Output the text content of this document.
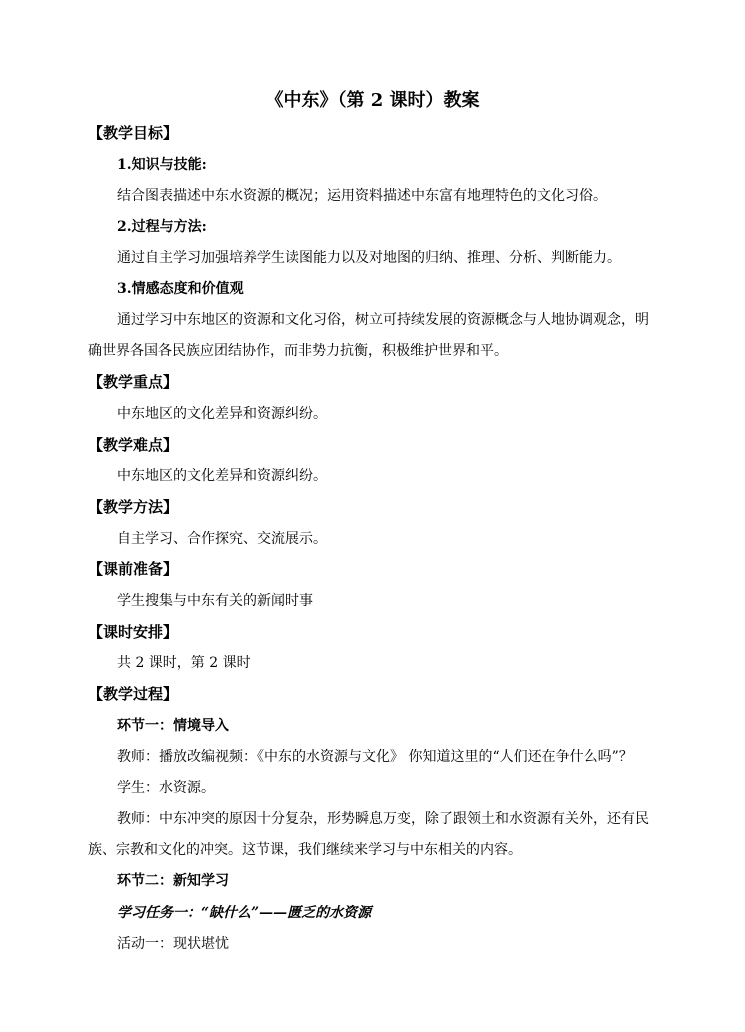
《中东》（第 2 课时）教案
【教学目标】
1.知识与技能:
结合图表描述中东水资源的概况；运用资料描述中东富有地理特色的文化习俗。
2.过程与方法:
通过自主学习加强培养学生读图能力以及对地图的归纳、推理、分析、判断能力。
3.情感态度和价值观
通过学习中东地区的资源和文化习俗，树立可持续发展的资源概念与人地协调观念，明
确世界各国各民族应团结协作，而非势力抗衡，积极维护世界和平。
【教学重点】
中东地区的文化差异和资源纠纷。
【教学难点】
中东地区的文化差异和资源纠纷。
【教学方法】
自主学习、合作探究、交流展示。
【课前准备】
学生搜集与中东有关的新闻时事
【课时安排】
共 2 课时，第 2 课时
【教学过程】
环节一：情境导入
教师：播放改编视频：《中东的水资源与文化》 你知道这里的“人们还在争什么吗”？
学生：水资源。
教师：中东冲突的原因十分复杂，形势瞬息万变，除了跟领土和水资源有关外，还有民
族、宗教和文化的冲突。这节课，我们继续来学习与中东相关的内容。
环节二：新知学习
学习任务一：“缺什么”——匮乏的水资源
活动一：现状堪忧
